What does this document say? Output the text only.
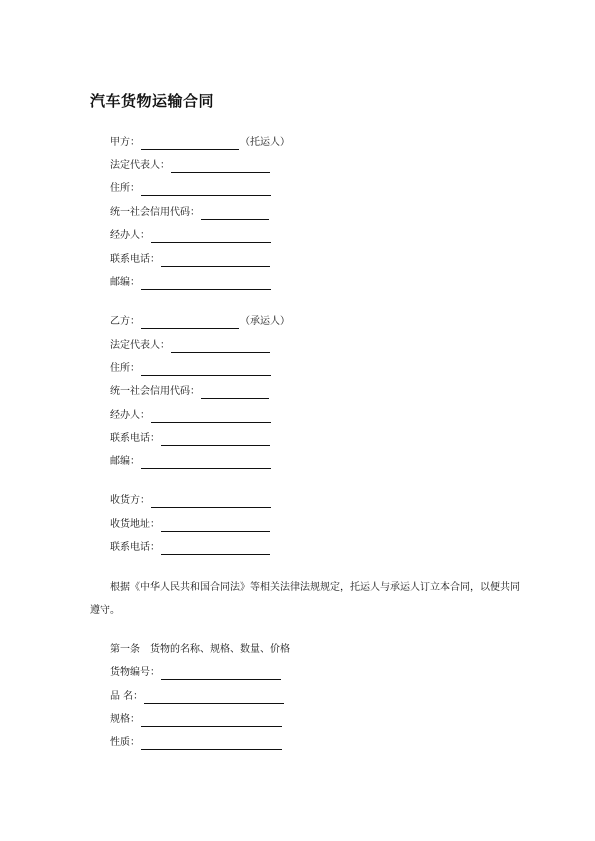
汽车货物运输合同
甲方：	（托运人）
法定代表人：
住所：
统一社会信用代码：
经办人：
联系电话：
邮编：
乙方：	（承运人）
法定代表人：
住所：
统一社会信用代码：
经办人：
联系电话：
邮编：
收货方：
收货地址：
联系电话：
根据《中华人民共和国合同法》等相关法律法规规定，托运人与承运人订立本合同，以便共同遵守。
第一条 货物的名称、规格、数量、价格
货物编号：
品 名：
规格：
性质：
